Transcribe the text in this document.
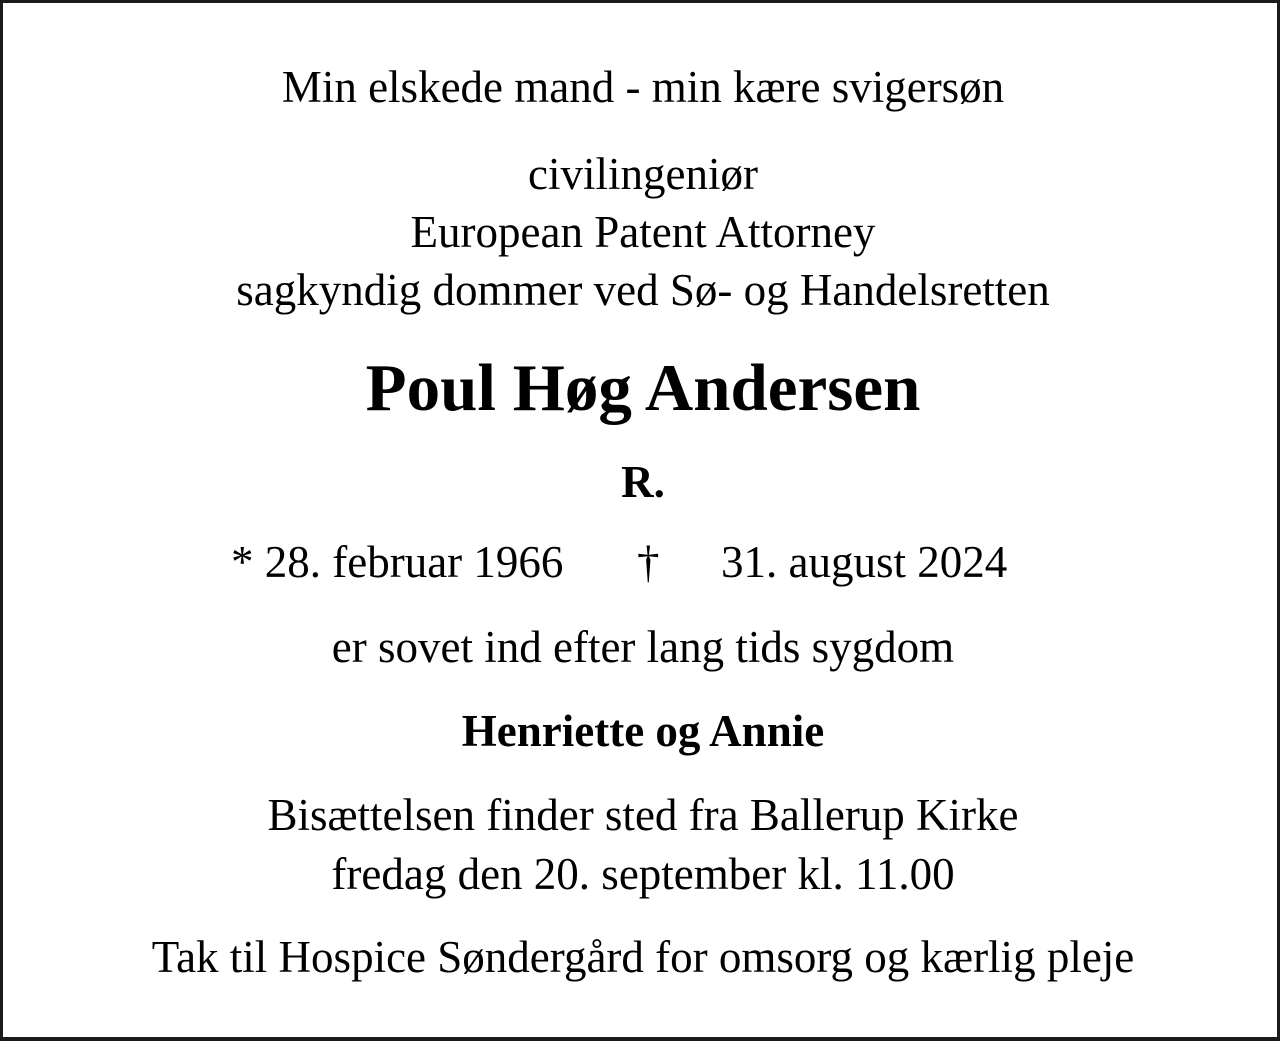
Min elskede mand - min kære svigersøn
civilingeniør
European Patent Attorney
sagkyndig dommer ved Sø- og Handelsretten
Poul Høg Andersen
R.
* 28. februar 1966 † 31. august 2024
er sovet ind efter lang tids sygdom
Henriette og Annie
Bisættelsen finder sted fra Ballerup Kirke
fredag den 20. september kl. 11.00
Tak til Hospice Søndergård for omsorg og kærlig pleje
